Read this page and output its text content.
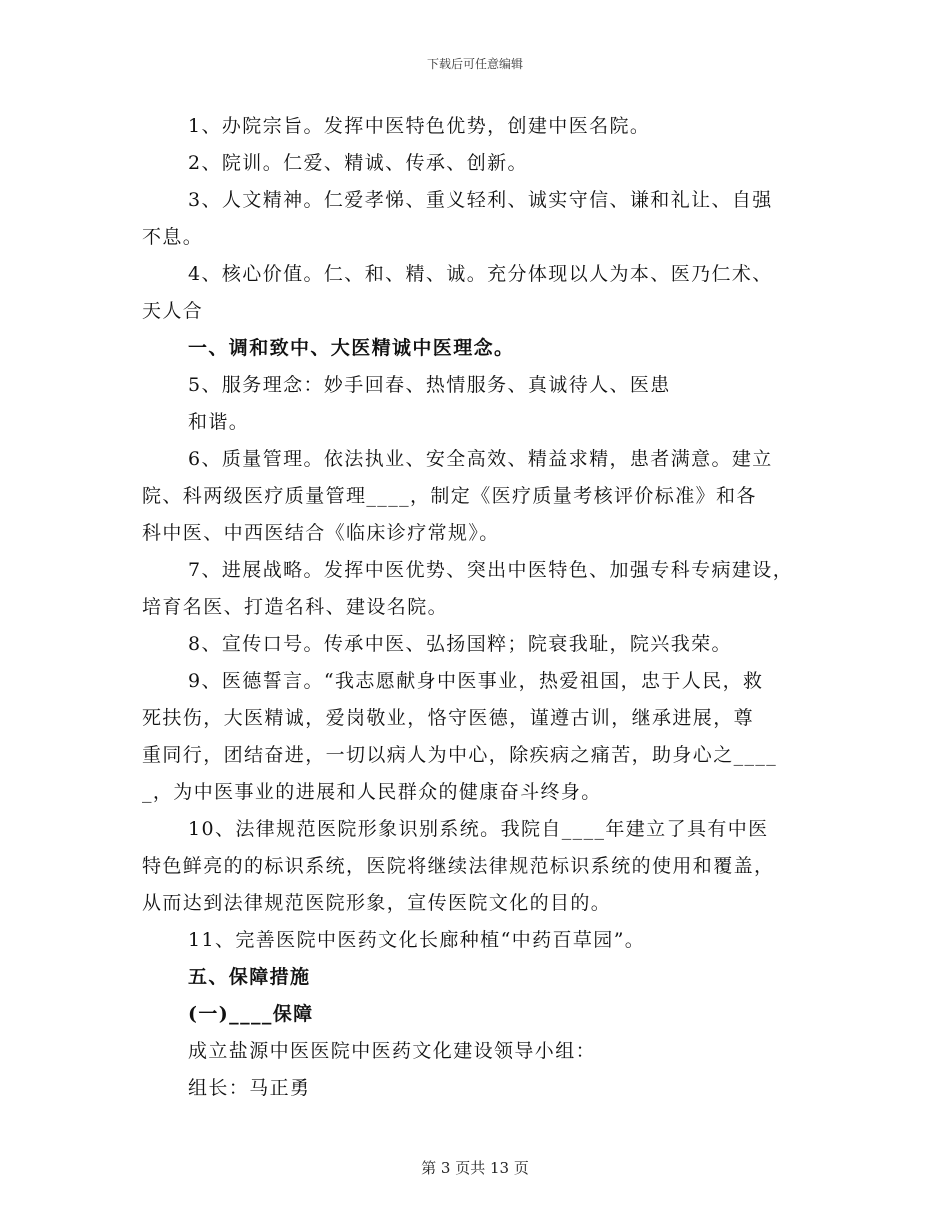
下载后可任意编辑
1、办院宗旨。发挥中医特色优势，创建中医名院。
2、院训。仁爱、精诚、传承、创新。
3、人文精神。仁爱孝悌、重义轻利、诚实守信、谦和礼让、自强
不息。
4、核心价值。仁、和、精、诚。充分体现以人为本、医乃仁术、
天人合
一、调和致中、大医精诚中医理念。
5、服务理念：妙手回春、热情服务、真诚待人、医患
和谐。
6、质量管理。依法执业、安全高效、精益求精，患者满意。建立
院、科两级医疗质量管理____，制定《医疗质量考核评价标准》和各
科中医、中西医结合《临床诊疗常规》。
7、进展战略。发挥中医优势、突出中医特色、加强专科专病建设，
培育名医、打造名科、建设名院。
8、宣传口号。传承中医、弘扬国粹；院衰我耻，院兴我荣。
9、医德誓言。“我志愿献身中医事业，热爱祖国，忠于人民，救
死扶伤，大医精诚，爱岗敬业，恪守医德，谨遵古训，继承进展，尊
重同行，团结奋进，一切以病人为中心，除疾病之痛苦，助身心之____
_，为中医事业的进展和人民群众的健康奋斗终身。
10、法律规范医院形象识别系统。我院自____年建立了具有中医
特色鲜亮的的标识系统，医院将继续法律规范标识系统的使用和覆盖，
从而达到法律规范医院形象，宣传医院文化的目的。
11、完善医院中医药文化长廊种植“中药百草园”。
五、保障措施
(一)____保障
成立盐源中医医院中医药文化建设领导小组：
组长：马正勇
第 3 页共 13 页
